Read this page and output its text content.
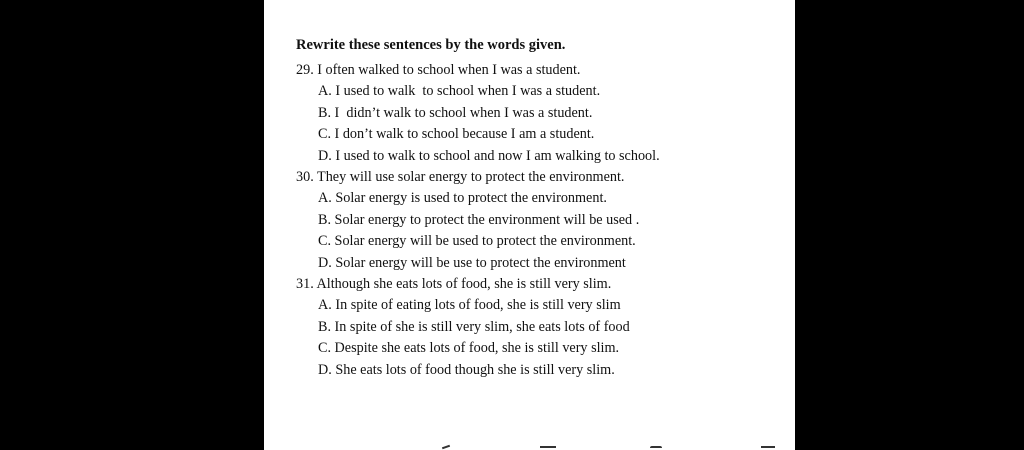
Rewrite these sentences by the words given.
29. I often walked to school when I was a student.
A. I used to walk  to school when I was a student.
B. I  didn’t walk to school when I was a student.
C. I don’t walk to school because I am a student.
D. I used to walk to school and now I am walking to school.
30. They will use solar energy to protect the environment.
A. Solar energy is used to protect the environment.
B. Solar energy to protect the environment will be used .
C. Solar energy will be used to protect the environment.
D. Solar energy will be use to protect the environment
31. Although she eats lots of food, she is still very slim.
A. In spite of eating lots of food, she is still very slim
B. In spite of she is still very slim, she eats lots of food
C. Despite she eats lots of food, she is still very slim.
D. She eats lots of food though she is still very slim.
